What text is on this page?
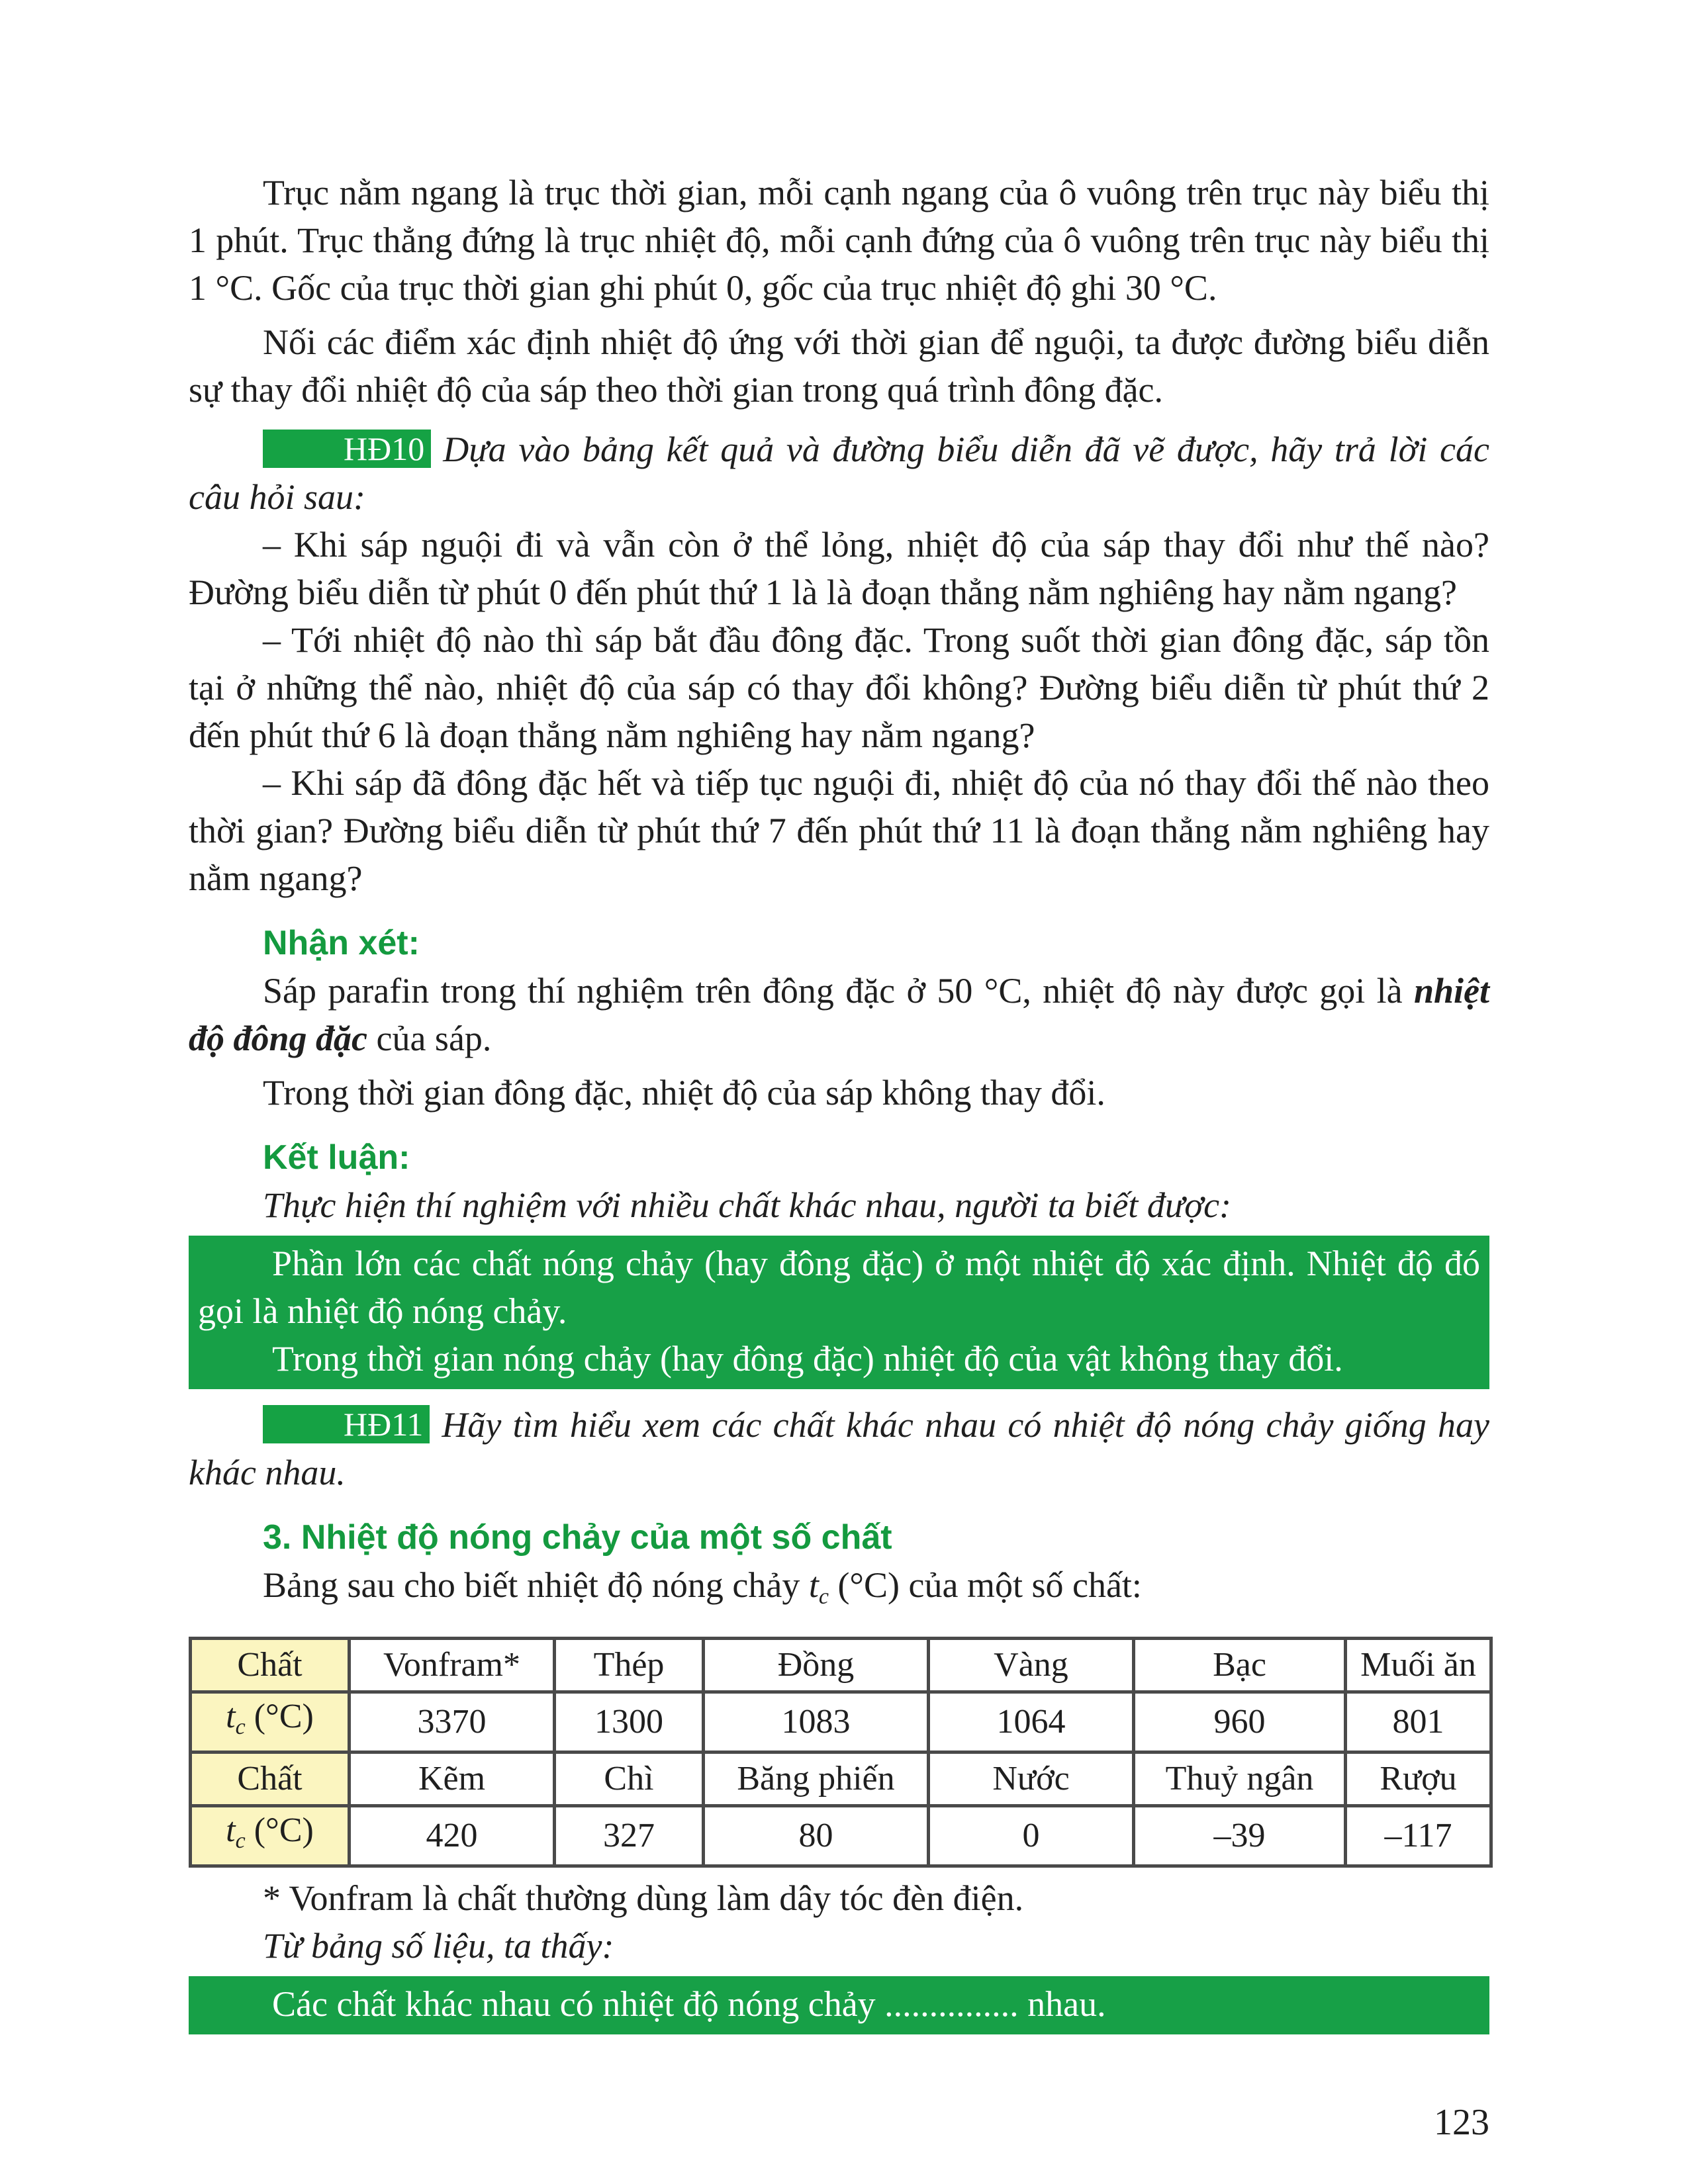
Trục nằm ngang là trục thời gian, mỗi cạnh ngang của ô vuông trên trục này biểu thị 1 phút. Trục thẳng đứng là trục nhiệt độ, mỗi cạnh đứng của ô vuông trên trục này biểu thị 1 °C. Gốc của trục thời gian ghi phút 0, gốc của trục nhiệt độ ghi 30 °C.

Nối các điểm xác định nhiệt độ ứng với thời gian để nguội, ta được đường biểu diễn sự thay đổi nhiệt độ của sáp theo thời gian trong quá trình đông đặc.

HĐ10 Dựa vào bảng kết quả và đường biểu diễn đã vẽ được, hãy trả lời các câu hỏi sau:

– Khi sáp nguội đi và vẫn còn ở thể lỏng, nhiệt độ của sáp thay đổi như thế nào? Đường biểu diễn từ phút 0 đến phút thứ 1 là là đoạn thẳng nằm nghiêng hay nằm ngang?

– Tới nhiệt độ nào thì sáp bắt đầu đông đặc. Trong suốt thời gian đông đặc, sáp tồn tại ở những thể nào, nhiệt độ của sáp có thay đổi không? Đường biểu diễn từ phút thứ 2 đến phút thứ 6 là đoạn thẳng nằm nghiêng hay nằm ngang?

– Khi sáp đã đông đặc hết và tiếp tục nguội đi, nhiệt độ của nó thay đổi thế nào theo thời gian? Đường biểu diễn từ phút thứ 7 đến phút thứ 11 là đoạn thẳng nằm nghiêng hay nằm ngang?

Nhận xét:

Sáp parafin trong thí nghiệm trên đông đặc ở 50 °C, nhiệt độ này được gọi là nhiệt độ đông đặc của sáp.

Trong thời gian đông đặc, nhiệt độ của sáp không thay đổi.

Kết luận:

Thực hiện thí nghiệm với nhiều chất khác nhau, người ta biết được:

Phần lớn các chất nóng chảy (hay đông đặc) ở một nhiệt độ xác định. Nhiệt độ đó gọi là nhiệt độ nóng chảy.

Trong thời gian nóng chảy (hay đông đặc) nhiệt độ của vật không thay đổi.

HĐ11 Hãy tìm hiểu xem các chất khác nhau có nhiệt độ nóng chảy giống hay khác nhau.

3. Nhiệt độ nóng chảy của một số chất

Bảng sau cho biết nhiệt độ nóng chảy $t_c$ (°C) của một số chất:

Chất	Vonfram*	Thép	Đồng	Vàng	Bạc	Muối ăn
$t_c$ (°C)	3370	1300	1083	1064	960	801
Chất	Kẽm	Chì	Băng phiến	Nước	Thuỷ ngân	Rượu
$t_c$ (°C)	420	327	80	0	–39	–117

* Vonfram là chất thường dùng làm dây tóc đèn điện.

Từ bảng số liệu, ta thấy:

Các chất khác nhau có nhiệt độ nóng chảy ............... nhau.

123
